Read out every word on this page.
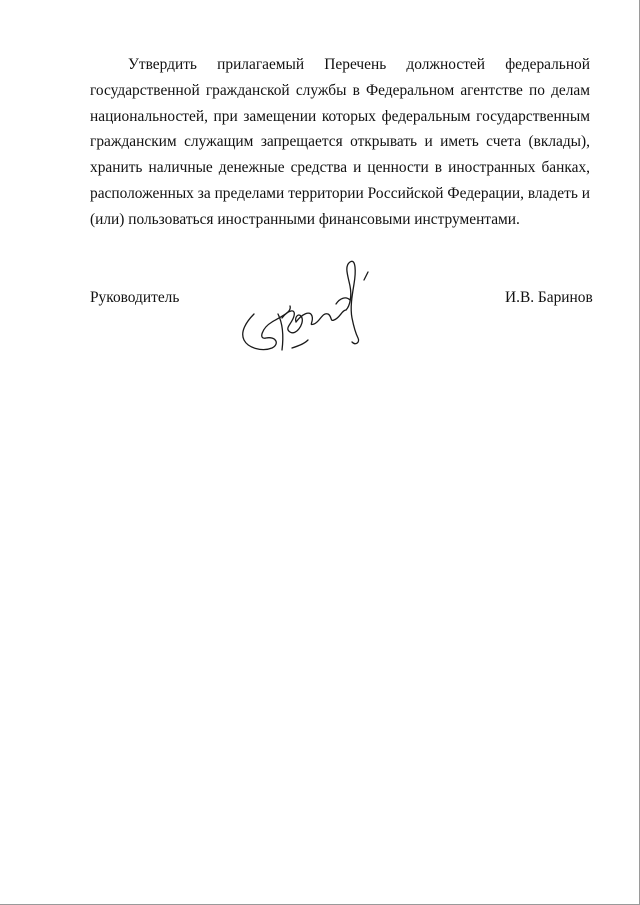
Утвердить прилагаемый Перечень должностей федеральной
государственной гражданской службы в Федеральном агентстве по делам
национальностей, при замещении которых федеральным государственным
гражданским служащим запрещается открывать и иметь счета (вклады),
хранить наличные денежные средства и ценности в иностранных банках,
расположенных за пределами территории Российской Федерации, владеть и
(или) пользоваться иностранными финансовыми инструментами.
Руководитель	И.В. Баринов
